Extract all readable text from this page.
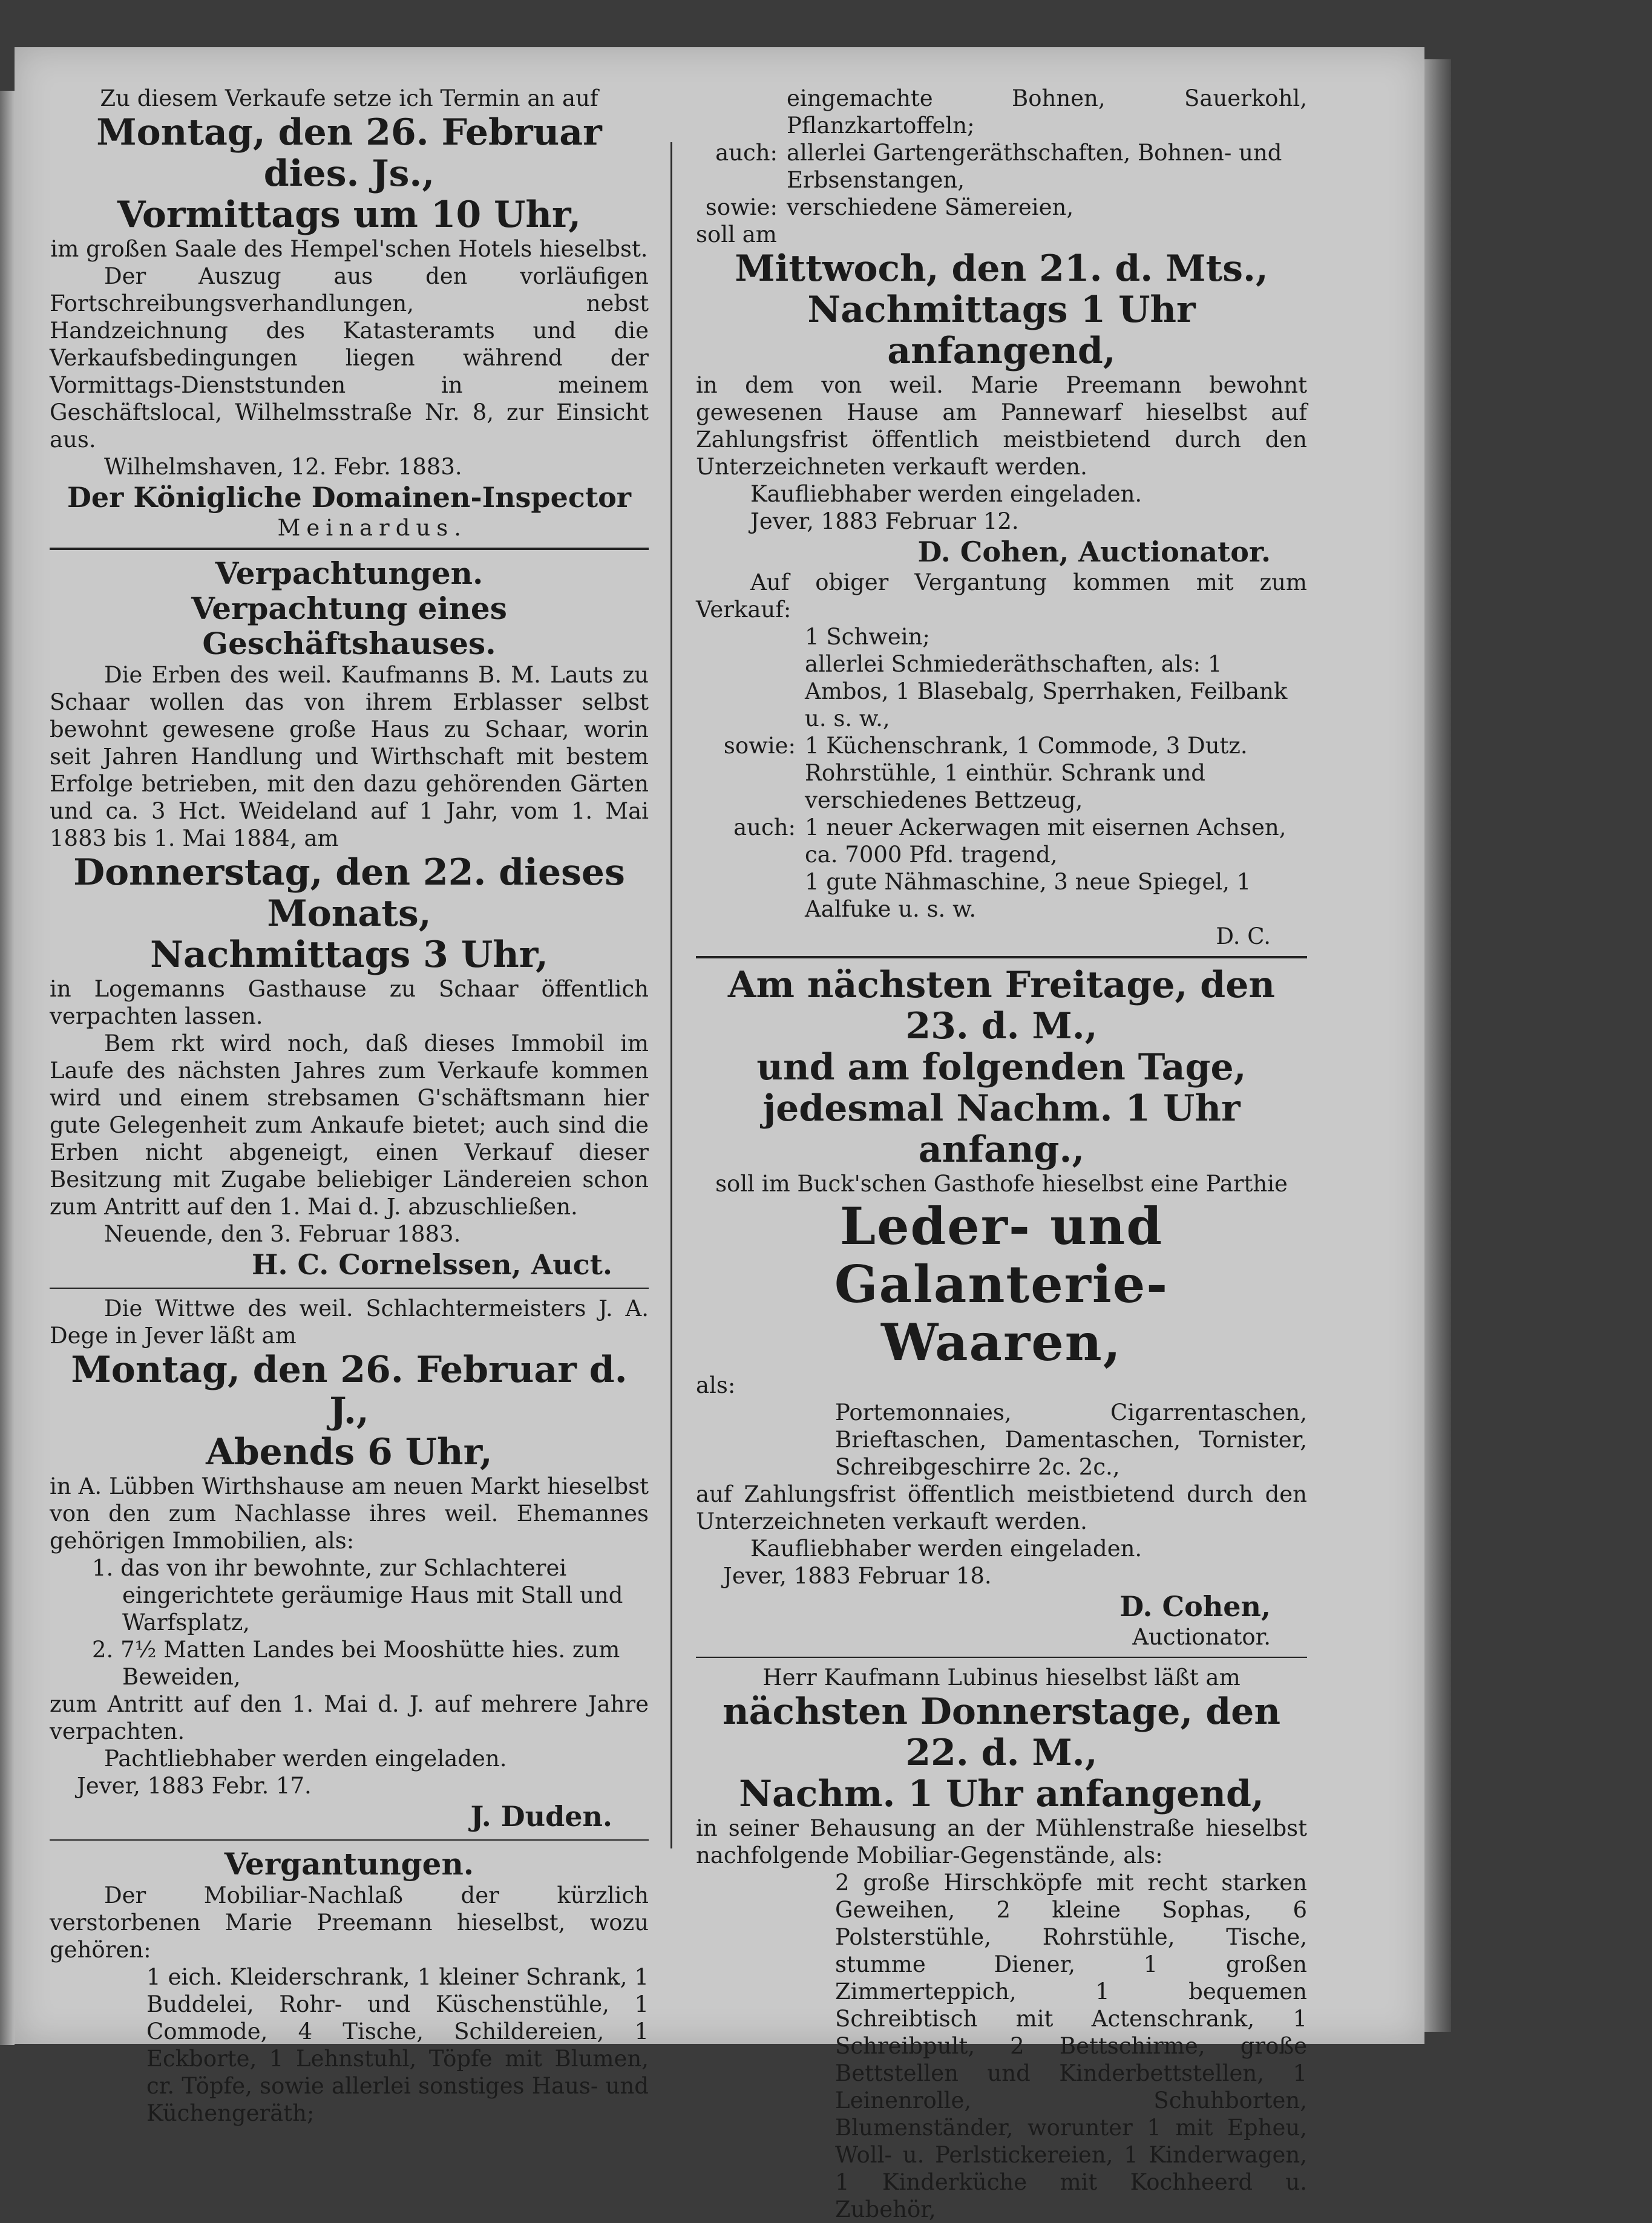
Zu diesem Verkaufe setze ich Termin an auf
Montag, den 26. Februar dies. Js.,
Vormittags um 10 Uhr,
im großen Saale des Hempel'schen Hotels hieselbst.
Der Auszug aus den vorläufigen Fortschreibungsverhandlungen, nebst Handzeichnung des Katasteramts und die Verkaufsbedingungen liegen während der Vormittags-Dienststunden in meinem Geschäftslocal, Wilhelmsstraße Nr. 8, zur Einsicht aus.
Wilhelmshaven, 12. Febr. 1883.
Der Königliche Domainen-Inspector
Meinardus.
Verpachtungen.
Verpachtung eines Geschäftshauses.
Die Erben des weil. Kaufmanns B. M. Lauts zu Schaar wollen das von ihrem Erblasser selbst bewohnt gewesene große Haus zu Schaar, worin seit Jahren Handlung und Wirthschaft mit bestem Erfolge betrieben, mit den dazu gehörenden Gärten und ca. 3 Hct. Weideland auf 1 Jahr, vom 1. Mai 1883 bis 1. Mai 1884, am
Donnerstag, den 22. dieses Monats,
Nachmittags 3 Uhr,
in Logemanns Gasthause zu Schaar öffentlich verpachten lassen.
Bem rkt wird noch, daß dieses Immobil im Laufe des nächsten Jahres zum Verkaufe kommen wird und einem strebsamen G'schäftsmann hier gute Gelegenheit zum Ankaufe bietet; auch sind die Erben nicht abgeneigt, einen Verkauf dieser Besitzung mit Zugabe beliebiger Ländereien schon zum Antritt auf den 1. Mai d. J. abzuschließen.
Neuende, den 3. Februar 1883.
H. C. Cornelssen, Auct.
Die Wittwe des weil. Schlachtermeisters J. A. Dege in Jever läßt am
Montag, den 26. Februar d. J.,
Abends 6 Uhr,
in A. Lübben Wirthshause am neuen Markt hieselbst von den zum Nachlasse ihres weil. Ehemannes gehörigen Immobilien, als:
1. das von ihr bewohnte, zur Schlachterei eingerichtete geräumige Haus mit Stall und Warfsplatz,
2. 7½ Matten Landes bei Mooshütte hies. zum Beweiden,
zum Antritt auf den 1. Mai d. J. auf mehrere Jahre verpachten.
Pachtliebhaber werden eingeladen.
Jever, 1883 Febr. 17.
J. Duden.
Vergantungen.
Der Mobiliar-Nachlaß der kürzlich verstorbenen Marie Preemann hieselbst, wozu gehören:
1 eich. Kleiderschrank, 1 kleiner Schrank, 1 Buddelei, Rohr- und Küschenstühle, 1 Commode, 4 Tische, Schildereien, 1 Eckborte, 1 Lehnstuhl, Töpfe mit Blumen, cr. Töpfe, sowie allerlei sonstiges Haus- und Küchengeräth;
eingemachte Bohnen, Sauerkohl, Pflanzkartoffeln;
auch: allerlei Gartengeräthschaften, Bohnen- und Erbsenstangen,
sowie: verschiedene Sämereien,
soll am
Mittwoch, den 21. d. Mts.,
Nachmittags 1 Uhr anfangend,
in dem von weil. Marie Preemann bewohnt gewesenen Hause am Pannewarf hieselbst auf Zahlungsfrist öffentlich meistbietend durch den Unterzeichneten verkauft werden.
Kaufliebhaber werden eingeladen.
Jever, 1883 Februar 12.
D. Cohen, Auctionator.
Auf obiger Vergantung kommen mit zum Verkauf:
1 Schwein;
allerlei Schmiederäthschaften, als: 1 Ambos, 1 Blasebalg, Sperrhaken, Feilbank u. s. w.,
sowie: 1 Küchenschrank, 1 Commode, 3 Dutz. Rohrstühle, 1 einthür. Schrank und verschiedenes Bettzeug,
auch: 1 neuer Ackerwagen mit eisernen Achsen, ca. 7000 Pfd. tragend,
1 gute Nähmaschine, 3 neue Spiegel, 1 Aalfuke u. s. w.
D. C.
Am nächsten Freitage, den 23. d. M.,
und am folgenden Tage,
jedesmal Nachm. 1 Uhr anfang.,
soll im Buck'schen Gasthofe hieselbst eine Parthie
Leder- und Galanterie-
Waaren,
als:
Portemonnaies, Cigarrentaschen, Brieftaschen, Damentaschen, Tornister, Schreibgeschirre 2c. 2c.,
auf Zahlungsfrist öffentlich meistbietend durch den Unterzeichneten verkauft werden.
Kaufliebhaber werden eingeladen.
Jever, 1883 Februar 18.
D. Cohen,
Auctionator.
Herr Kaufmann Lubinus hieselbst läßt am
nächsten Donnerstage, den 22. d. M.,
Nachm. 1 Uhr anfangend,
in seiner Behausung an der Mühlenstraße hieselbst nachfolgende Mobiliar-Gegenstände, als:
2 große Hirschköpfe mit recht starken Geweihen, 2 kleine Sophas, 6 Polsterstühle, Rohrstühle, Tische, stumme Diener, 1 großen Zimmerteppich, 1 bequemen Schreibtisch mit Actenschrank, 1 Schreibpult, 2 Bettschirme, große Bettstellen und Kinderbettstellen, 1 Leinenrolle, Schuhborten, Blumenständer, worunter 1 mit Epheu, Woll- u. Perlstickereien, 1 Kinderwagen, 1 Kinderküche mit Kochheerd u. Zubehör,
